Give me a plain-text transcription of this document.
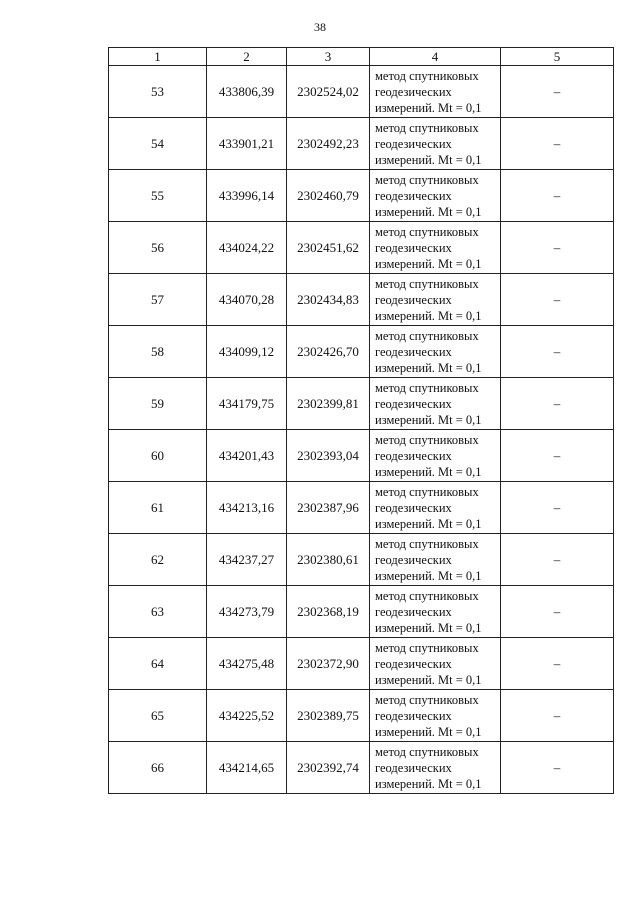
38
1	2	3	4	5
53	433806,39	2302524,02	метод спутниковых
геодезических
измерений. Mt = 0,1	–
54	433901,21	2302492,23	метод спутниковых
геодезических
измерений. Mt = 0,1	–
55	433996,14	2302460,79	метод спутниковых
геодезических
измерений. Mt = 0,1	–
56	434024,22	2302451,62	метод спутниковых
геодезических
измерений. Mt = 0,1	–
57	434070,28	2302434,83	метод спутниковых
геодезических
измерений. Mt = 0,1	–
58	434099,12	2302426,70	метод спутниковых
геодезических
измерений. Mt = 0,1	–
59	434179,75	2302399,81	метод спутниковых
геодезических
измерений. Mt = 0,1	–
60	434201,43	2302393,04	метод спутниковых
геодезических
измерений. Mt = 0,1	–
61	434213,16	2302387,96	метод спутниковых
геодезических
измерений. Mt = 0,1	–
62	434237,27	2302380,61	метод спутниковых
геодезических
измерений. Mt = 0,1	–
63	434273,79	2302368,19	метод спутниковых
геодезических
измерений. Mt = 0,1	–
64	434275,48	2302372,90	метод спутниковых
геодезических
измерений. Mt = 0,1	–
65	434225,52	2302389,75	метод спутниковых
геодезических
измерений. Mt = 0,1	–
66	434214,65	2302392,74	метод спутниковых
геодезических
измерений. Mt = 0,1	–
